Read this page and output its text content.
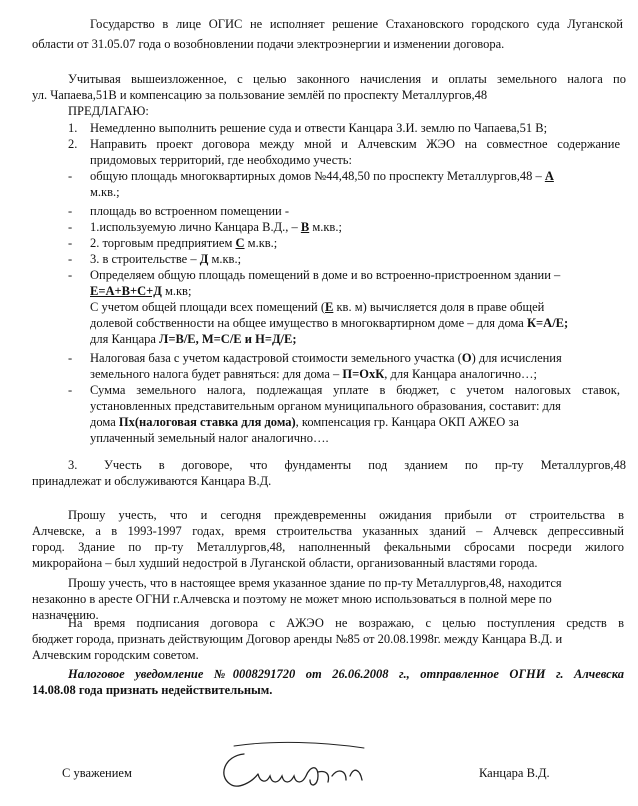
Государство в лице ОГИС не исполняет решение Стахановского городского суда Луганской
области от 31.05.07 года о возобновлении подачи электроэнергии и изменении договора.
Учитывая вышеизложенное, с целью законного начисления и оплаты земельного налога по
ул. Чапаева,51В и компенсацию за пользование землёй по проспекту Металлургов,48
ПРЕДЛАГАЮ:
1. Немедленно выполнить решение суда и отвести Канцара З.И. землю по Чапаева,51 В;
2. Направить проект договора между мной и Алчевским ЖЭО на совместное содержание
придомовых территорий, где необходимо учесть:
- общую площадь многоквартирных домов №44,48,50 по проспекту Металлургов,48 – А
м.кв.;
- площадь во встроенном помещении -
- 1.используемую лично Канцара В.Д., – В м.кв.;
- 2. торговым предприятием С м.кв.;
- 3. в строительстве – Д м.кв.;
- Определяем общую площадь помещений в доме и во встроенно-пристроенном здании –
Е=А+В+С+Д м.кв;
С учетом общей площади всех помещений (Е кв. м) вычисляется доля в праве общей
долевой собственности на общее имущество в многоквартирном доме – для дома К=А/Е;
для Канцара Л=В/Е, М=С/Е и Н=Д/Е;
- Налоговая база с учетом кадастровой стоимости земельного участка (О) для исчисления
земельного налога будет равняться: для дома – П=ОхК, для Канцара аналогично…;
- Сумма земельного налога, подлежащая уплате в бюджет, с учетом налоговых ставок,
установленных представительным органом муниципального образования, составит: для
дома Пх(налоговая ставка для дома), компенсация гр. Канцара ОКП АЖЕО за
уплаченный земельный налог аналогично….
3. Учесть в договоре, что фундаменты под зданием по пр-ту Металлургов,48
принадлежат и обслуживаются Канцара В.Д.
Прошу учесть, что и сегодня преждевременны ожидания прибыли от строительства в
Алчевске, а в 1993-1997 годах, время строительства указанных зданий – Алчевск депрессивный
город. Здание по пр-ту Металлургов,48, наполненный фекальными сбросами посреди жилого
микрорайона – был худший недострой в Луганской области, организованный властями города.
Прошу учесть, что в настоящее время указанное здание по пр-ту Металлургов,48, находится
незаконно в аресте ОГНИ г.Алчевска и поэтому не может мною использоваться в полной мере по
назначению.
На время подписания договора с АЖЭО не возражаю, с целью поступления средств в
бюджет города, признать действующим Договор аренды №85 от 20.08.1998г. между Канцара В.Д. и
Алчевским городским советом.
Налоговое уведомление №0008291720 от 26.06.2008 г., отправленное ОГНИ г. Алчевска
14.08.08 года признать недействительным.
С уважением	Канцара В.Д.
